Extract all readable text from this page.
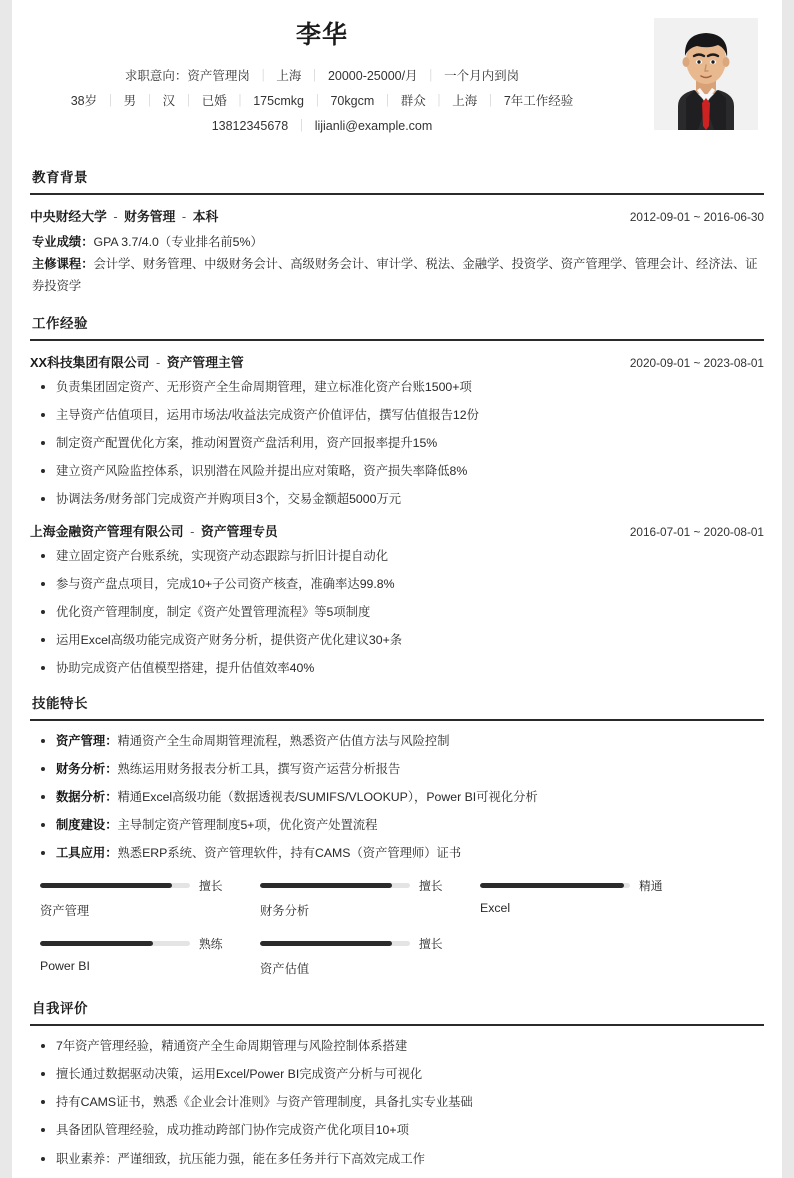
李华
求职意向：资产管理岗 ｜ 上海 ｜ 20000-25000/月 ｜ 一个月内到岗
38岁 ｜ 男 ｜ 汉 ｜ 已婚 ｜ 175cmkg ｜ 70kgcm ｜ 群众 ｜ 上海 ｜ 7年工作经验
13812345678 ｜ lijianli@example.com
教育背景
中央财经大学 - 财务管理 - 本科	2012-09-01 ~ 2016-06-30
专业成绩：GPA 3.7/4.0（专业排名前5%）
主修课程：会计学、财务管理、中级财务会计、高级财务会计、审计学、税法、金融学、投资学、资产管理学、管理会计、经济法、证券投资学
工作经验
XX科技集团有限公司 - 资产管理主管	2020-09-01 ~ 2023-08-01
负责集团固定资产、无形资产全生命周期管理，建立标准化资产台账1500+项
主导资产估值项目，运用市场法/收益法完成资产价值评估，撰写估值报告12份
制定资产配置优化方案，推动闲置资产盘活利用，资产回报率提升15%
建立资产风险监控体系，识别潜在风险并提出应对策略，资产损失率降低8%
协调法务/财务部门完成资产并购项目3个，交易金额超5000万元
上海金融资产管理有限公司 - 资产管理专员	2016-07-01 ~ 2020-08-01
建立固定资产台账系统，实现资产动态跟踪与折旧计提自动化
参与资产盘点项目，完成10+子公司资产核查，准确率达99.8%
优化资产管理制度，制定《资产处置管理流程》等5项制度
运用Excel高级功能完成资产财务分析，提供资产优化建议30+条
协助完成资产估值模型搭建，提升估值效率40%
技能特长
资产管理：精通资产全生命周期管理流程，熟悉资产估值方法与风险控制
财务分析：熟练运用财务报表分析工具，撰写资产运营分析报告
数据分析：精通Excel高级功能（数据透视表/SUMIFS/VLOOKUP），Power BI可视化分析
制度建设：主导制定资产管理制度5+项，优化资产处置流程
工具应用：熟悉ERP系统、资产管理软件，持有CAMS（资产管理师）证书
擅长
资产管理
擅长
财务分析
精通
Excel
熟练
Power BI
擅长
资产估值
自我评价
7年资产管理经验，精通资产全生命周期管理与风险控制体系搭建
擅长通过数据驱动决策，运用Excel/Power BI完成资产分析与可视化
持有CAMS证书，熟悉《企业会计准则》与资产管理制度，具备扎实专业基础
具备团队管理经验，成功推动跨部门协作完成资产优化项目10+项
职业素养：严谨细致，抗压能力强，能在多任务并行下高效完成工作
